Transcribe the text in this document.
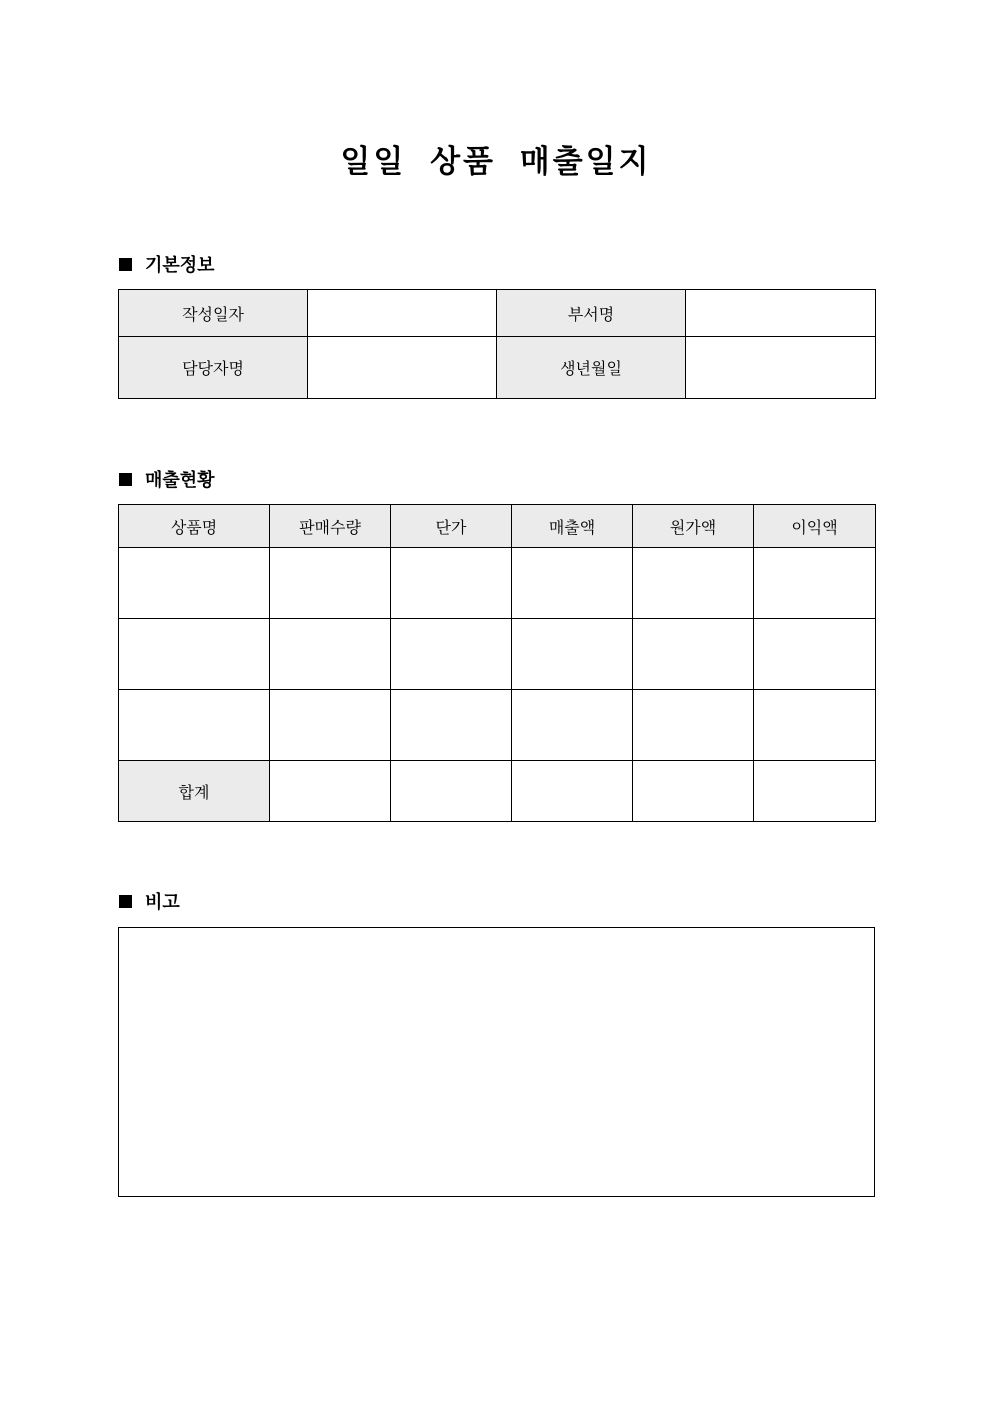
일일 상품 매출일지
기본정보
작성일자		부서명	
담당자명		생년월일	
매출현황
상품명	판매수량	단가	매출액	원가액	이익액

합계					
비고
